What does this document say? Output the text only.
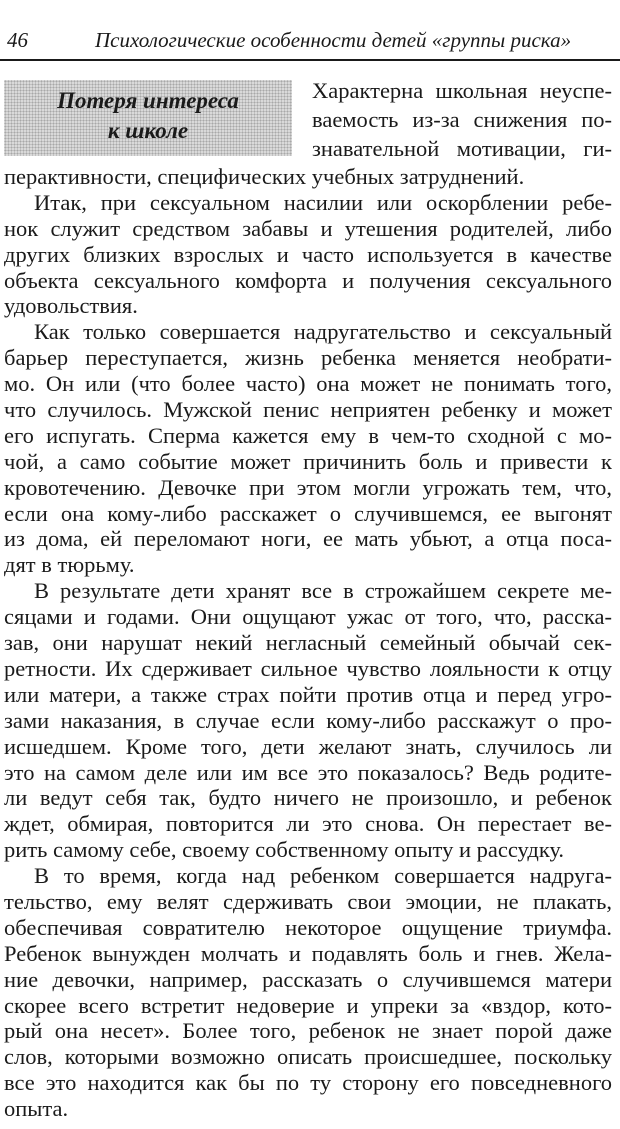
46	Психологические особенности детей «группы риска»
Потеря интереса
к школе
Характерна школьная неуспе-
ваемость из-за снижения по-
знавательной мотивации, ги-
перактивности, специфических учебных затруднений.
Итак, при сексуальном насилии или оскорблении ребе-
нок служит средством забавы и утешения родителей, либо
других близких взрослых и часто используется в качестве
объекта сексуального комфорта и получения сексуального
удовольствия.
Как только совершается надругательство и сексуальный
барьер переступается, жизнь ребенка меняется необрати-
мо. Он или (что более часто) она может не понимать того,
что случилось. Мужской пенис неприятен ребенку и может
его испугать. Сперма кажется ему в чем-то сходной с мо-
чой, а само событие может причинить боль и привести к
кровотечению. Девочке при этом могли угрожать тем, что,
если она кому-либо расскажет о случившемся, ее выгонят
из дома, ей переломают ноги, ее мать убьют, а отца поса-
дят в тюрьму.
В результате дети хранят все в строжайшем секрете ме-
сяцами и годами. Они ощущают ужас от того, что, расска-
зав, они нарушат некий негласный семейный обычай сек-
ретности. Их сдерживает сильное чувство лояльности к отцу
или матери, а также страх пойти против отца и перед угро-
зами наказания, в случае если кому-либо расскажут о про-
исшедшем. Кроме того, дети желают знать, случилось ли
это на самом деле или им все это показалось? Ведь родите-
ли ведут себя так, будто ничего не произошло, и ребенок
ждет, обмирая, повторится ли это снова. Он перестает ве-
рить самому себе, своему собственному опыту и рассудку.
В то время, когда над ребенком совершается надруга-
тельство, ему велят сдерживать свои эмоции, не плакать,
обеспечивая совратителю некоторое ощущение триумфа.
Ребенок вынужден молчать и подавлять боль и гнев. Жела-
ние девочки, например, рассказать о случившемся матери
скорее всего встретит недоверие и упреки за «вздор, кото-
рый она несет». Более того, ребенок не знает порой даже
слов, которыми возможно описать происшедшее, поскольку
все это находится как бы по ту сторону его повседневного
опыта.
